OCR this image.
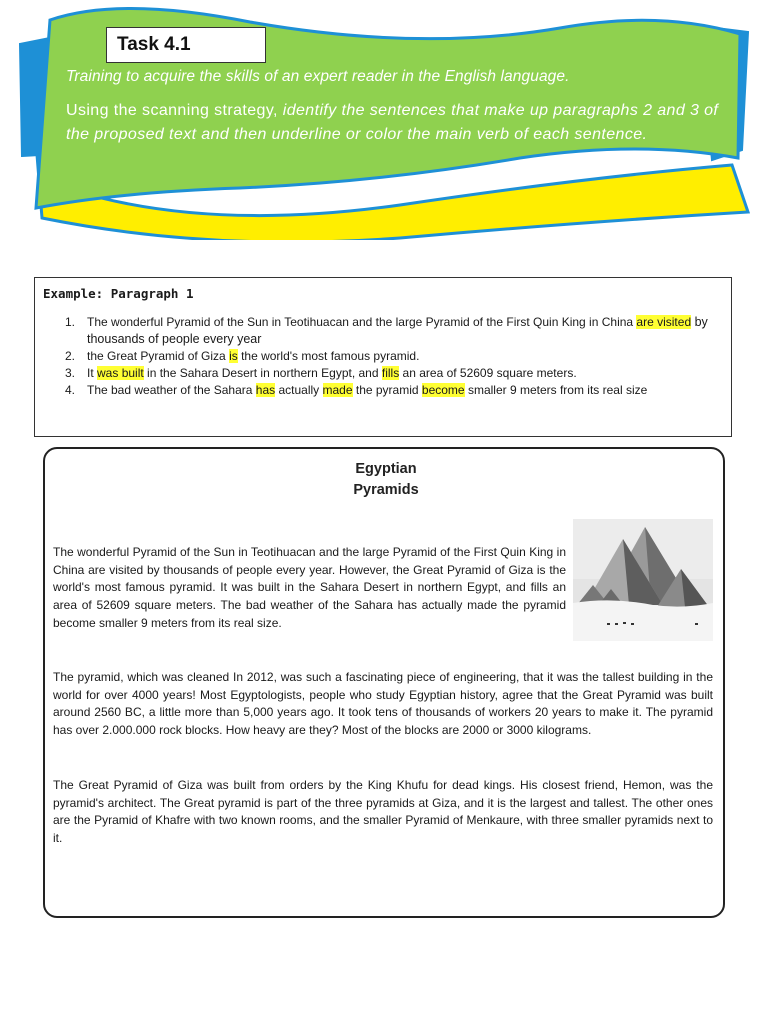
Task 4.1
Training to acquire the skills of an expert reader in the English language.
Using the scanning strategy, identify the sentences that make up paragraphs 2 and 3 of the proposed text and then underline or color the main verb of each sentence.
Example: Paragraph 1
1. The wonderful Pyramid of the Sun in Teotihuacan and the large Pyramid of the First Quin King in China are visited by thousands of people every year
2. the Great Pyramid of Giza is the world's most famous pyramid.
3. It was built in the Sahara Desert in northern Egypt, and fills an area of 52609 square meters.
4. The bad weather of the Sahara has actually made the pyramid become smaller 9 meters from its real size
Egyptian
Pyramids

The wonderful Pyramid of the Sun in Teotihuacan and the large Pyramid of the First Quin King in China are visited by thousands of people every year. However, the Great Pyramid of Giza is the world's most famous pyramid. It was built in the Sahara Desert in northern Egypt, and fills an area of 52609 square meters. The bad weather of the Sahara has actually made the pyramid become smaller 9 meters from its real size.

The pyramid, which was cleaned In 2012, was such a fascinating piece of engineering, that it was the tallest building in the world for over 4000 years! Most Egyptologists, people who study Egyptian history, agree that the Great Pyramid was built around 2560 BC, a little more than 5,000 years ago. It took tens of thousands of workers 20 years to make it. The pyramid has over 2.000.000 rock blocks. How heavy are they? Most of the blocks are 2000 or 3000 kilograms.

The Great Pyramid of Giza was built from orders by the King Khufu for dead kings. His closest friend, Hemon, was the pyramid's architect. The Great pyramid is part of the three pyramids at Giza, and it is the largest and tallest. The other ones are the Pyramid of Khafre with two known rooms, and the smaller Pyramid of Menkaure, with three smaller pyramids next to it.
